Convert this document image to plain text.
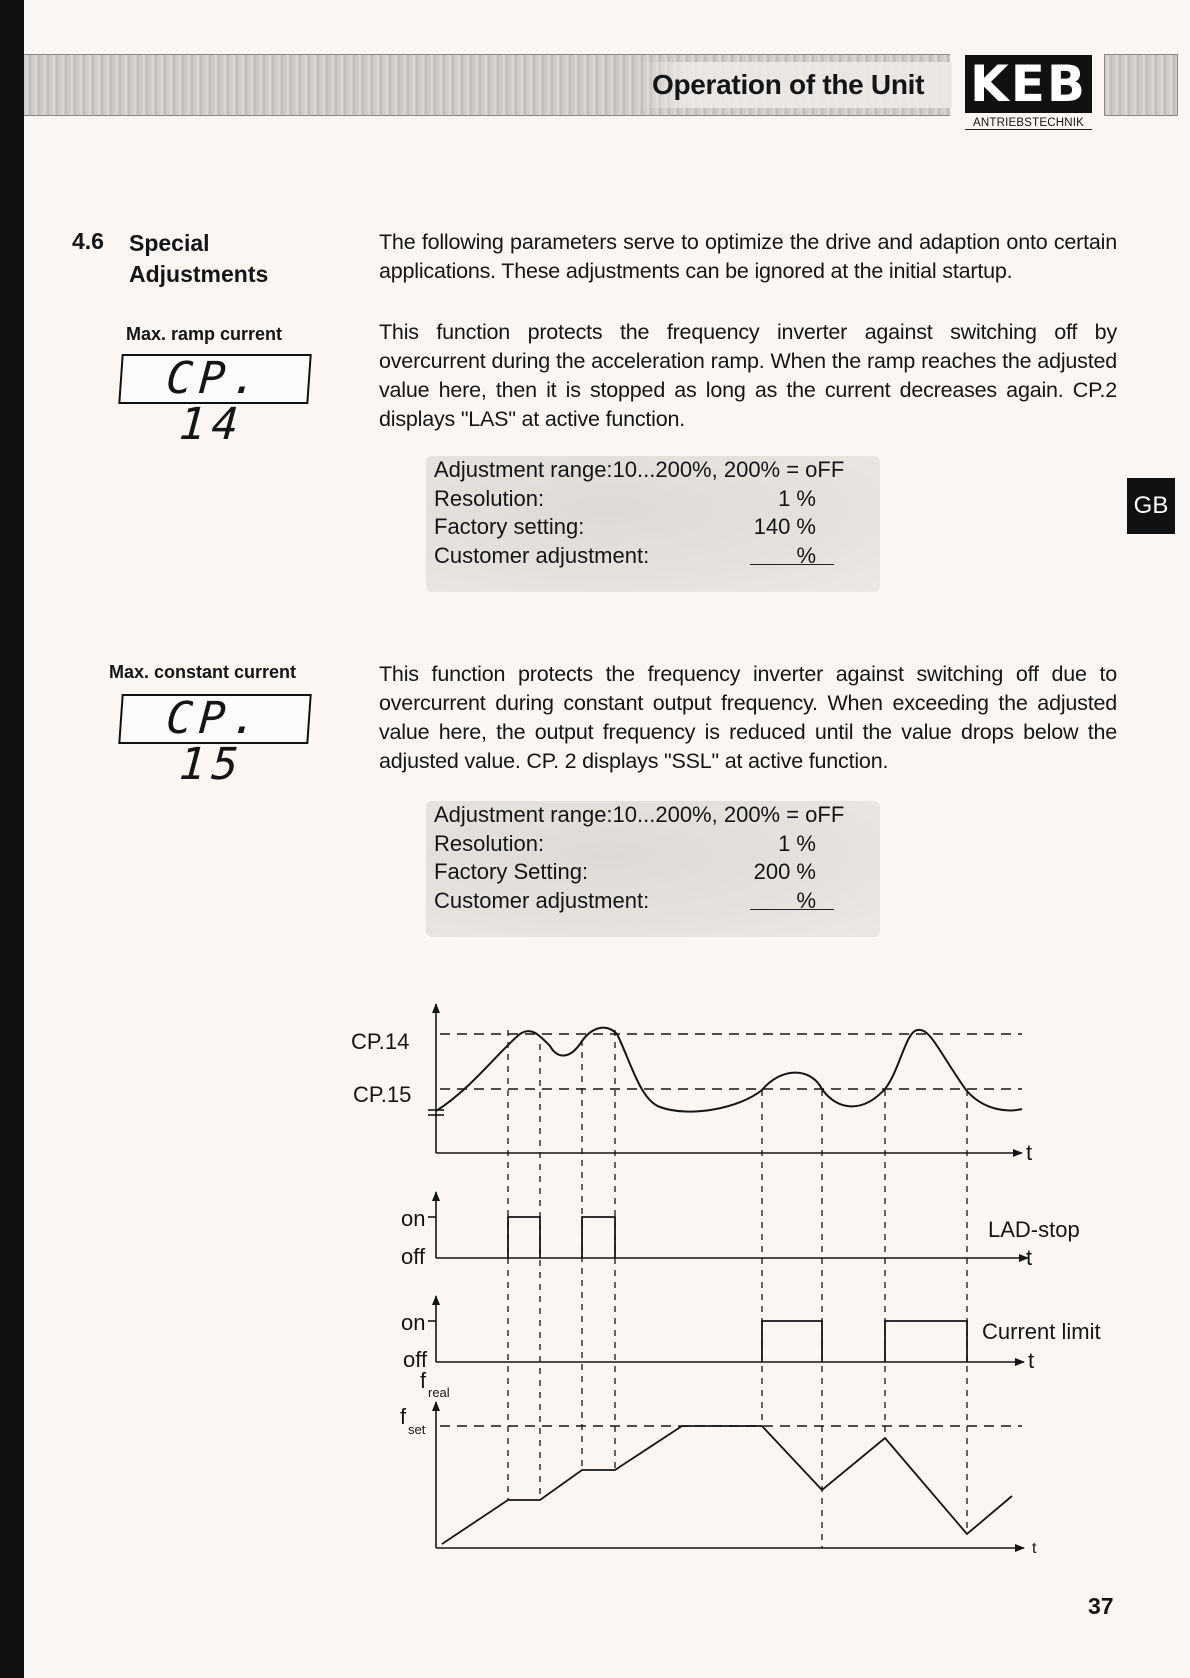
Operation of the Unit KEB
ANTRIEBSTECHNIK
GB
4.6 Special
Adjustments
The following parameters serve to optimize the drive and adaption onto certain applications. These adjustments can be ignored at the initial startup.
Max. ramp current
CP. 14
This function protects the frequency inverter against switching off by overcurrent during the acceleration ramp. When the ramp reaches the adjusted value here, then it is stopped as long as the current decreases again. CP.2 displays "LAS" at active function.
Adjustment range:10...200%, 200% = oFF
Resolution:	1 %
Factory setting:	140 %
Customer adjustment:	%
Max. constant current
CP. 15
This function protects the frequency inverter against switching off due to overcurrent during constant output frequency. When exceeding the adjusted value here, the output frequency is reduced until the value drops below the adjusted value. CP. 2 displays "SSL" at active function.
Adjustment range:10...200%, 200% = oFF
Resolution:	1 %
Factory Setting:	200 %
Customer adjustment:	%
CP.14
CP.15
t
on
off
LAD-stop
t
on
off
Current limit
t
f real
f
set
t
37
